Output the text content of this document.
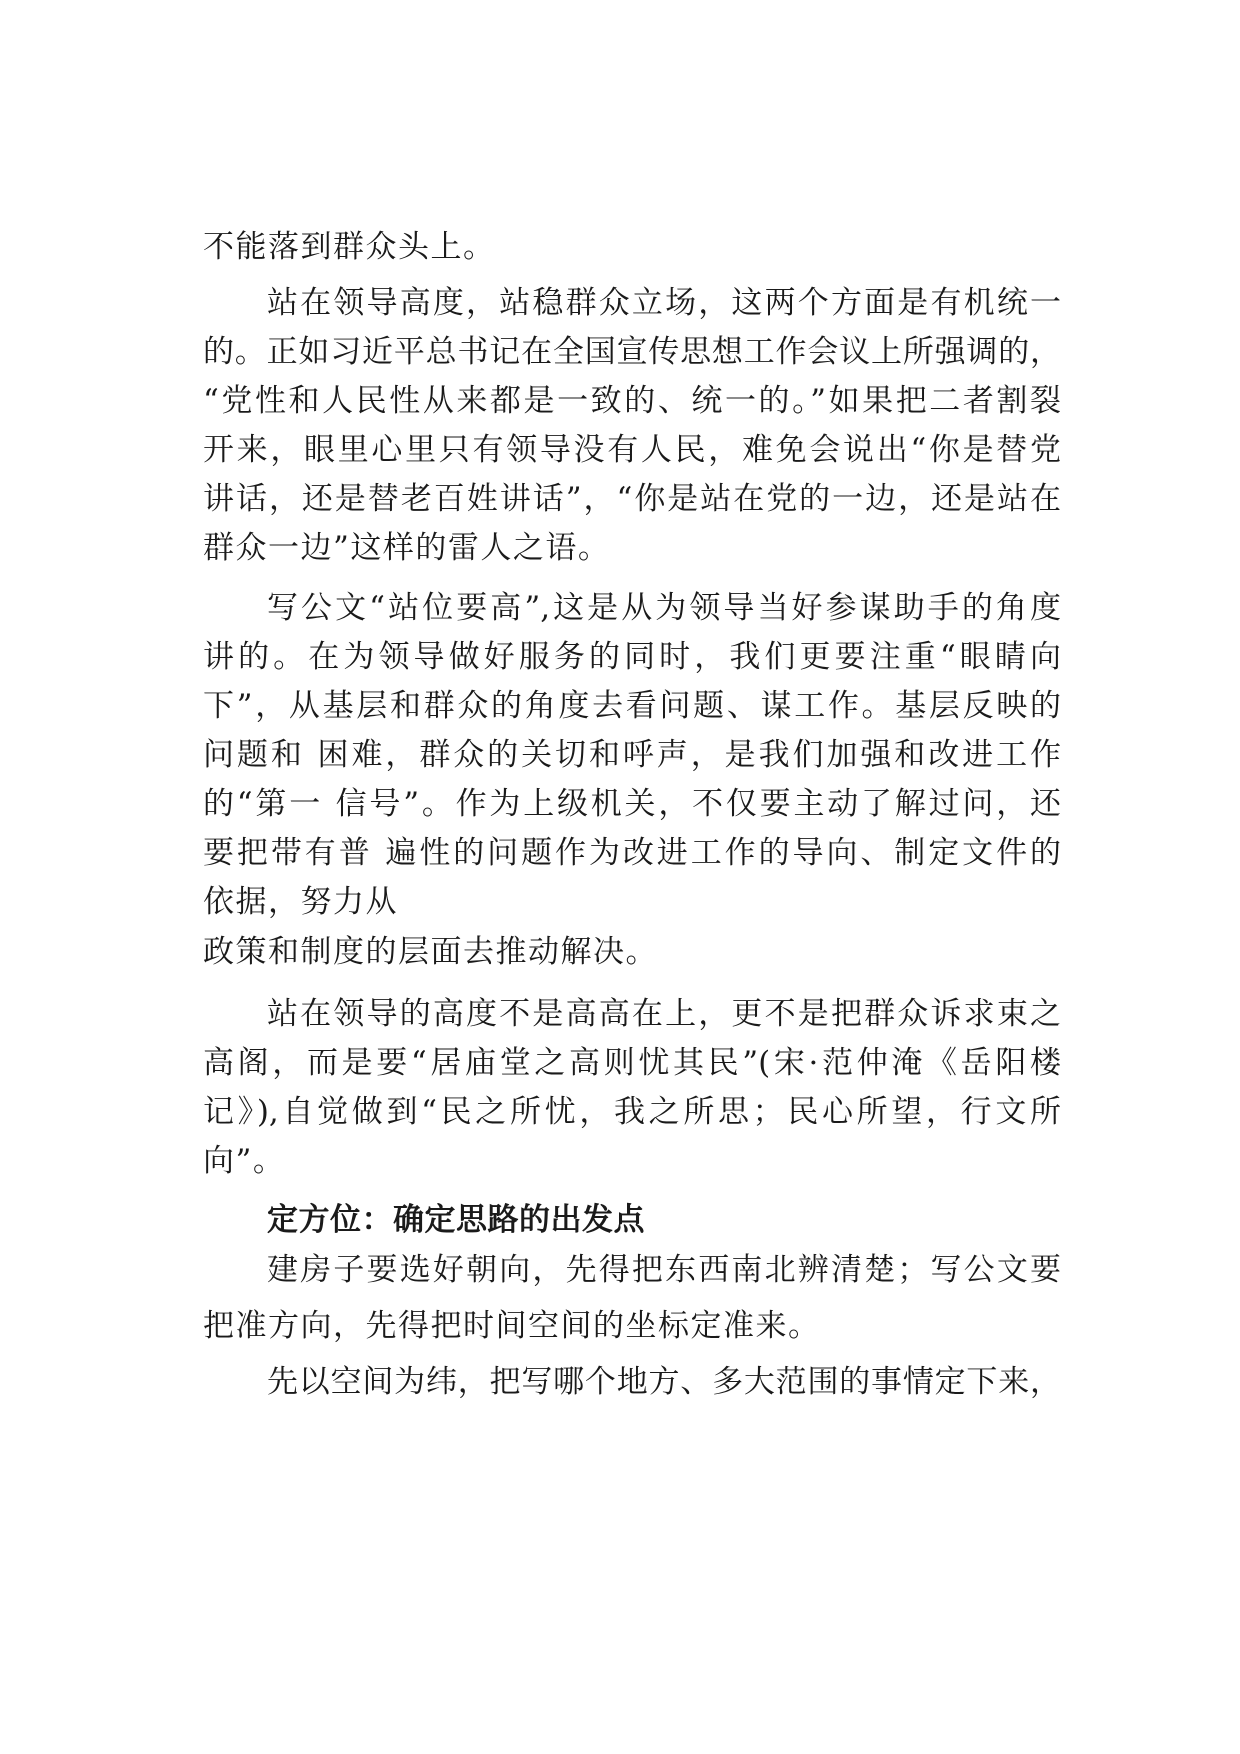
不能落到群众头上。
站在领导高度，站稳群众立场，这两个方面是有机统一
的。正如习近平总书记在全国宣传思想工作会议上所强调的，
“党性和人民性从来都是一致的、统一的。”如果把二者割裂
开来，眼里心里只有领导没有人民，难免会说出“你是替党
讲话，还是替老百姓讲话”，“你是站在党的一边，还是站在
群众一边”这样的雷人之语。
写公文“站位要高”,这是从为领导当好参谋助手的角度
讲的。在为领导做好服务的同时，我们更要注重“眼睛向
下”，从基层和群众的角度去看问题、谋工作。基层反映的
问题和 困难，群众的关切和呼声，是我们加强和改进工作
的“第一 信号”。作为上级机关，不仅要主动了解过问，还
要把带有普 遍性的问题作为改进工作的导向、制定文件的
依据，努力从
政策和制度的层面去推动解决。
站在领导的高度不是高高在上，更不是把群众诉求束之
高阁，而是要“居庙堂之高则忧其民”(宋·范仲淹《岳阳楼
记》),自觉做到“民之所忧，我之所思；民心所望，行文所
向”。
定方位：确定思路的出发点
建房子要选好朝向，先得把东西南北辨清楚；写公文要
把准方向，先得把时间空间的坐标定准来。
先以空间为纬，把写哪个地方、多大范围的事情定下来，
